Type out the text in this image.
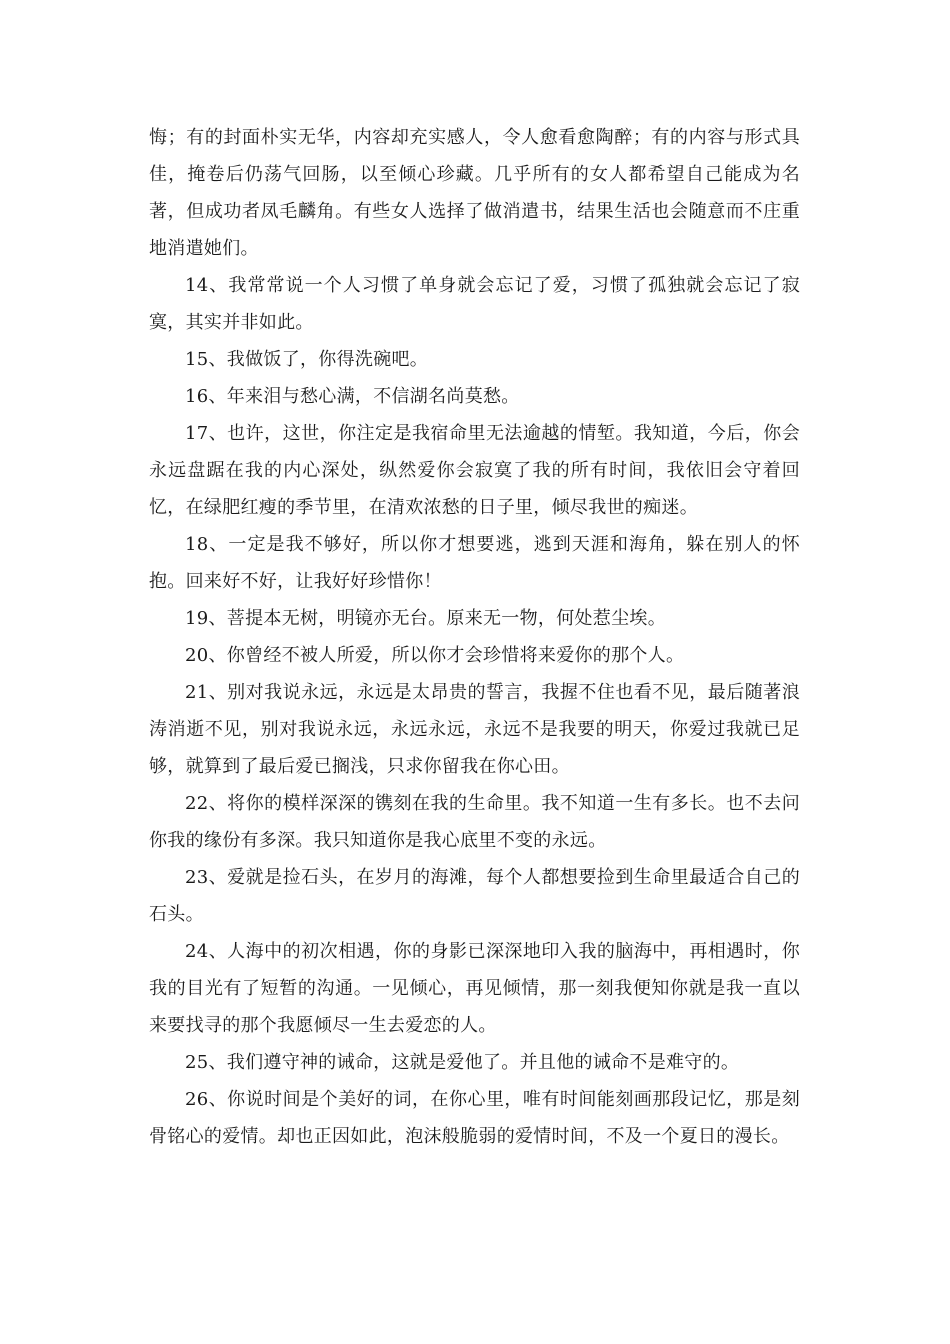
悔；有的封面朴实无华，内容却充实感人，令人愈看愈陶醉；有的内容与形式具佳，掩卷后仍荡气回肠，以至倾心珍藏。几乎所有的女人都希望自己能成为名著，但成功者凤毛麟角。有些女人选择了做消遣书，结果生活也会随意而不庄重地消遣她们。

14、我常常说一个人习惯了单身就会忘记了爱，习惯了孤独就会忘记了寂寞，其实并非如此。

15、我做饭了，你得洗碗吧。

16、年来泪与愁心满，不信湖名尚莫愁。

17、也许，这世，你注定是我宿命里无法逾越的情堑。我知道，今后，你会永远盘踞在我的内心深处，纵然爱你会寂寞了我的所有时间，我依旧会守着回忆，在绿肥红瘦的季节里，在清欢浓愁的日子里，倾尽我世的痴迷。

18、一定是我不够好，所以你才想要逃，逃到天涯和海角，躲在别人的怀抱。回来好不好，让我好好珍惜你！

19、菩提本无树，明镜亦无台。原来无一物，何处惹尘埃。

20、你曾经不被人所爱，所以你才会珍惜将来爱你的那个人。

21、别对我说永远，永远是太昂贵的誓言，我握不住也看不见，最后随著浪涛消逝不见，别对我说永远，永远永远，永远不是我要的明天，你爱过我就已足够，就算到了最后爱已搁浅，只求你留我在你心田。

22、将你的模样深深的镌刻在我的生命里。我不知道一生有多长。也不去问你我的缘份有多深。我只知道你是我心底里不变的永远。

23、爱就是捡石头，在岁月的海滩，每个人都想要捡到生命里最适合自己的石头。

24、人海中的初次相遇，你的身影已深深地印入我的脑海中，再相遇时，你我的目光有了短暂的沟通。一见倾心，再见倾情，那一刻我便知你就是我一直以来要找寻的那个我愿倾尽一生去爱恋的人。

25、我们遵守神的诫命，这就是爱他了。并且他的诫命不是难守的。

26、你说时间是个美好的词，在你心里，唯有时间能刻画那段记忆，那是刻骨铭心的爱情。却也正因如此，泡沫般脆弱的爱情时间，不及一个夏日的漫长。
